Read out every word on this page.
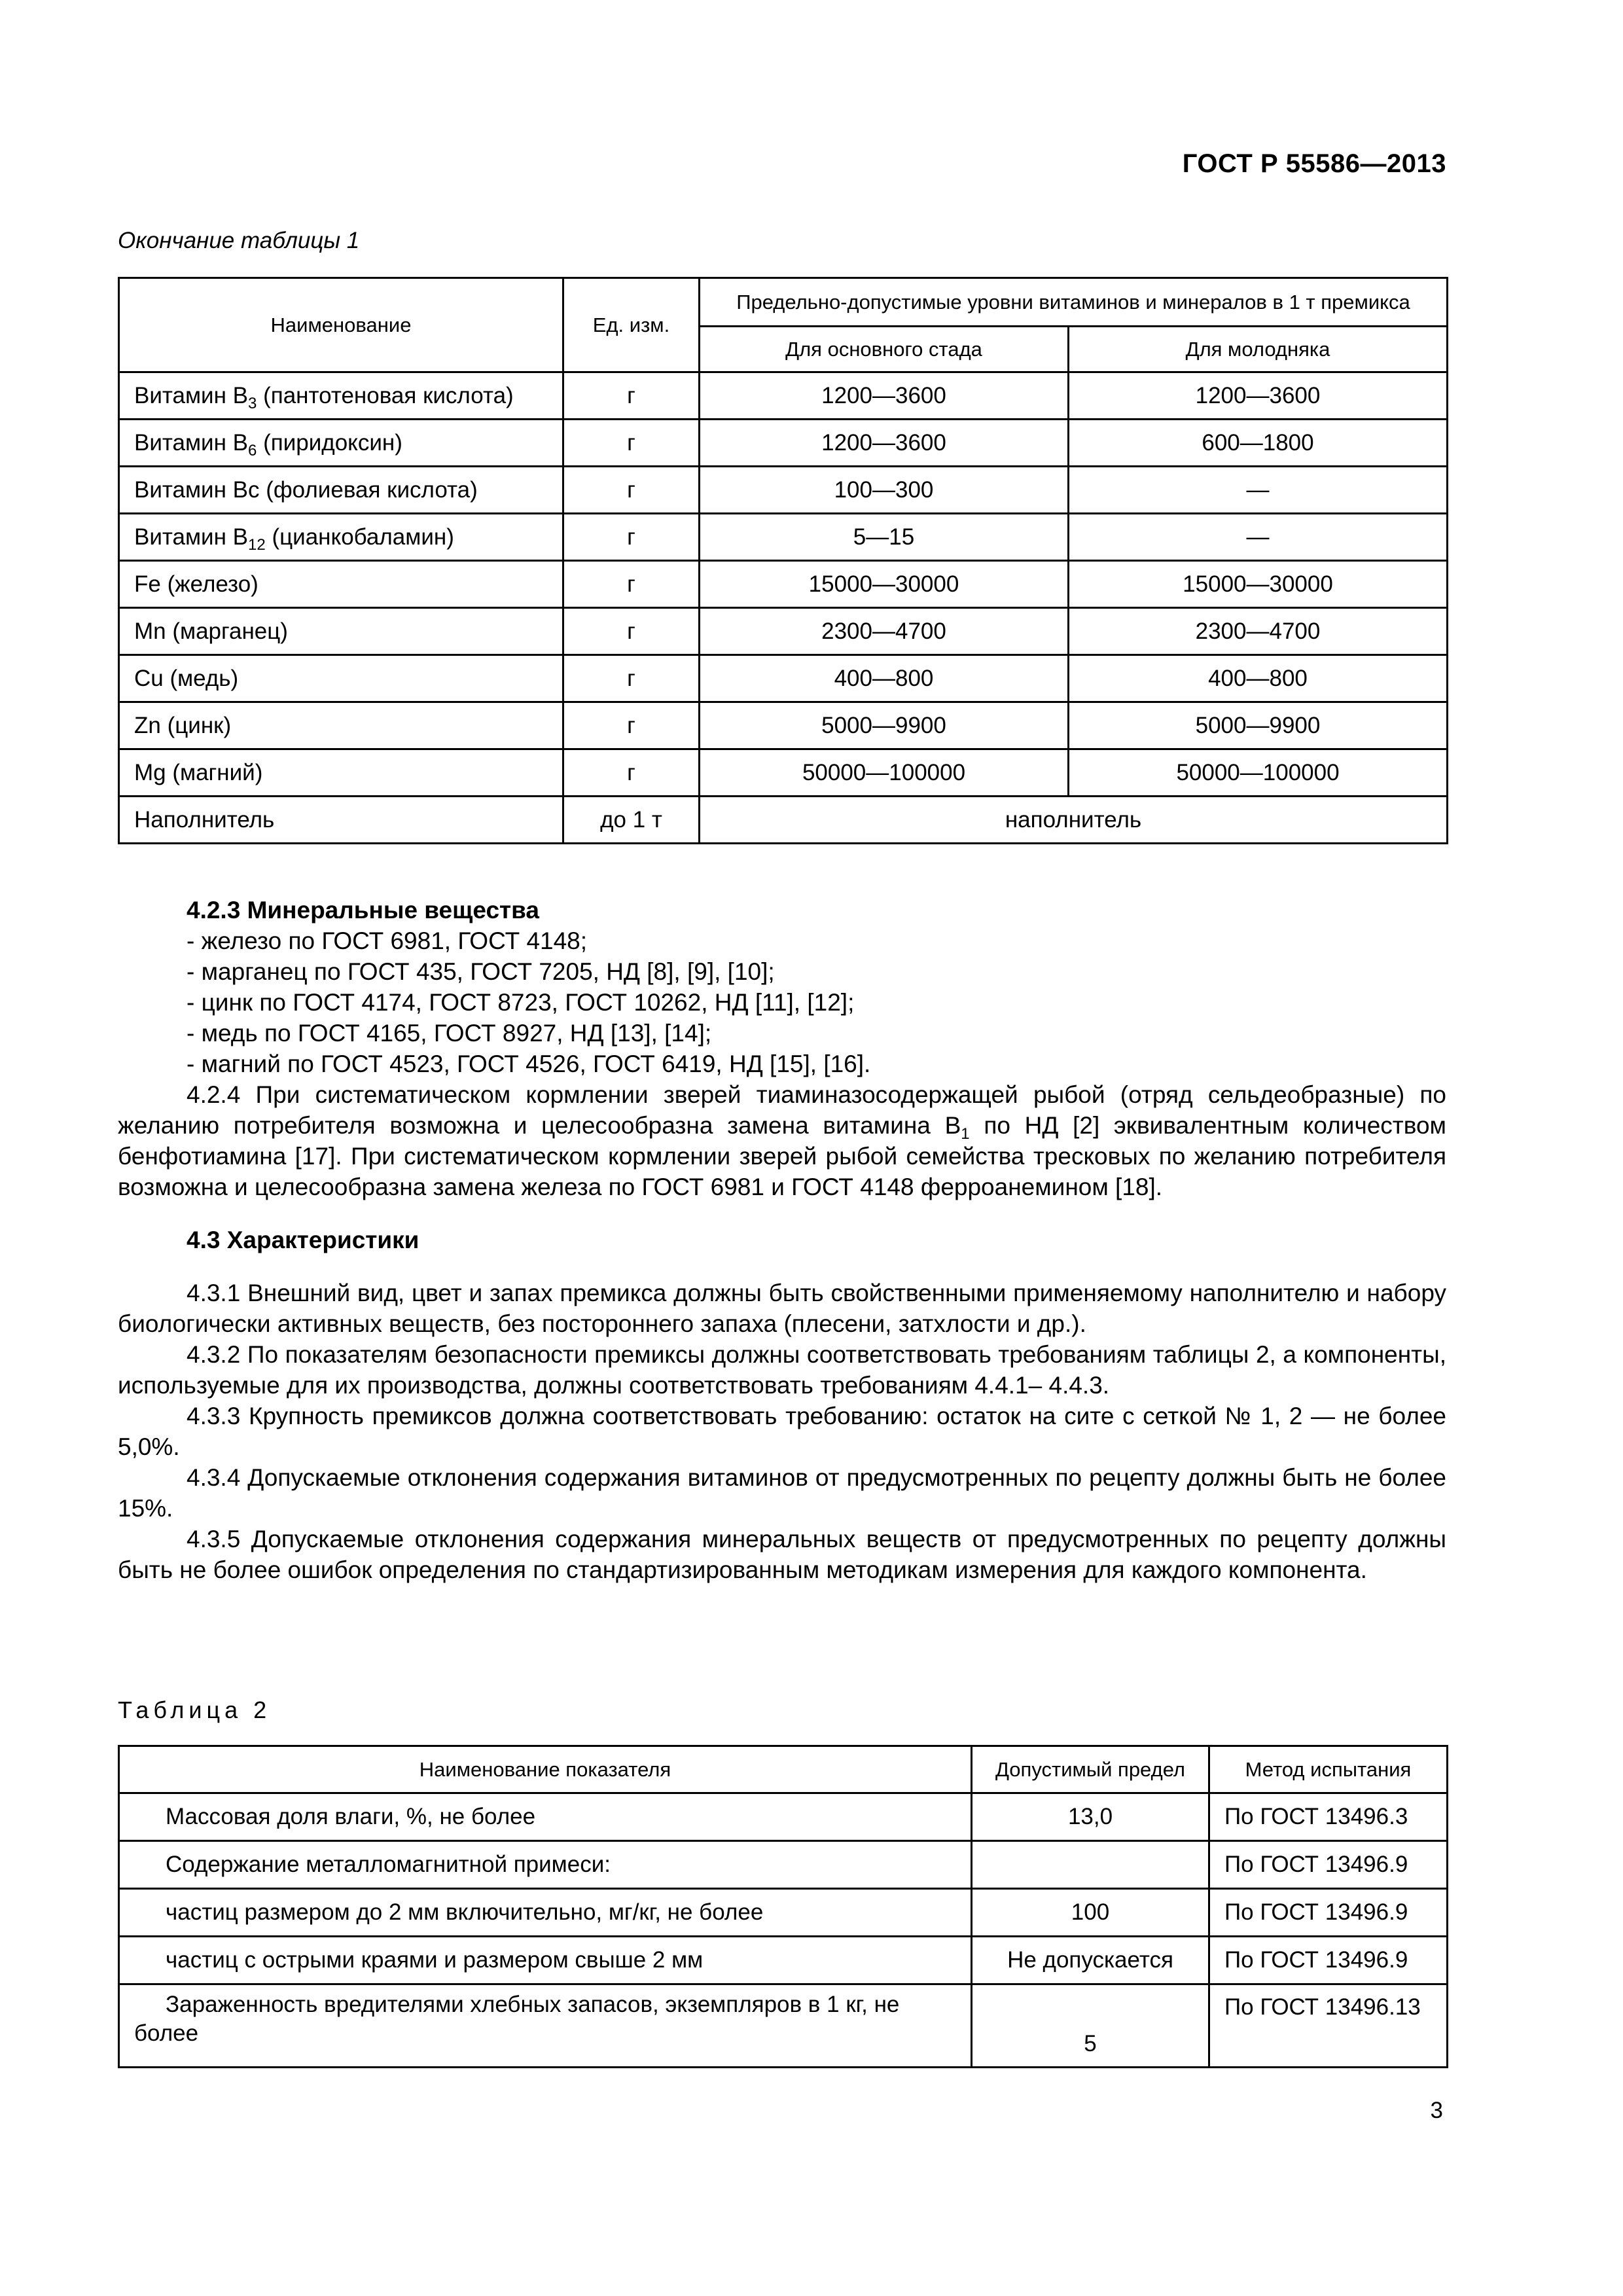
ГОСТ Р 55586—2013
Окончание таблицы 1
Наименование	Ед. изм.	Предельно-допустимые уровни витаминов и минералов в 1 т премикса	
		Для основного стада	Для молодняка
Витамин $B_3$ (пантотеновая кислота)	г	1200—3600	1200—3600
Витамин $B_6$ (пиридоксин)	г	1200—3600	600—1800
Витамин Вс (фолиевая кислота)	г	100—300	—
Витамин $B_{12}$ (цианкобаламин)	г	5—15	—
Fe (железо)	г	15000—30000	15000—30000
Mn (марганец)	г	2300—4700	2300—4700
Cu (медь)	г	400—800	400—800
Zn (цинк)	г	5000—9900	5000—9900
Mg (магний)	г	50000—100000	50000—100000
Наполнитель	до 1 т	наполнитель	

4.2.3 Минеральные вещества

- железо по ГОСТ 6981, ГОСТ 4148;

- марганец по ГОСТ 435, ГОСТ 7205, НД [8], [9], [10];

- цинк по ГОСТ 4174, ГОСТ 8723, ГОСТ 10262, НД [11], [12];

- медь по ГОСТ 4165, ГОСТ 8927, НД [13], [14];

- магний по ГОСТ 4523, ГОСТ 4526, ГОСТ 6419, НД [15], [16].

4.2.4 При систематическом кормлении зверей тиаминазосодержащей рыбой (отряд сельдеобразные) по желанию потребителя возможна и целесообразна замена витамина $B_1$ по НД [2] эквивалентным количеством бенфотиамина [17]. При систематическом кормлении зверей рыбой семейства тресковых по желанию потребителя возможна и целесообразна замена железа по ГОСТ 6981 и ГОСТ 4148 ферроанемином [18].

4.3 Характеристики

4.3.1 Внешний вид, цвет и запах премикса должны быть свойственными применяемому наполнителю и набору биологически активных веществ, без постороннего запаха (плесени, затхлости и др.).

4.3.2 По показателям безопасности премиксы должны соответствовать требованиям таблицы 2, а компоненты, используемые для их производства, должны соответствовать требованиям 4.4.1– 4.4.3.

4.3.3 Крупность премиксов должна соответствовать требованию: остаток на сите с сеткой № 1, 2 — не более 5,0%.

4.3.4 Допускаемые отклонения содержания витаминов от предусмотренных по рецепту должны быть не более 15%.

4.3.5 Допускаемые отклонения содержания минеральных веществ от предусмотренных по рецепту должны быть не более ошибок определения по стандартизированным методикам измерения для каждого компонента.

Таблица 2
Наименование показателя	Допустимый предел	Метод испытания
Массовая доля влаги, %, не более	13,0	По ГОСТ 13496.3
Содержание металломагнитной примеси:		По ГОСТ 13496.9
частиц размером до 2 мм включительно, мг/кг, не более	100	По ГОСТ 13496.9
частиц с острыми краями и размером свыше 2 мм	Не допускается	По ГОСТ 13496.9
Зараженность вредителями хлебных запасов, экземпляров в 1 кг, не более	5	По ГОСТ 13496.13
3
